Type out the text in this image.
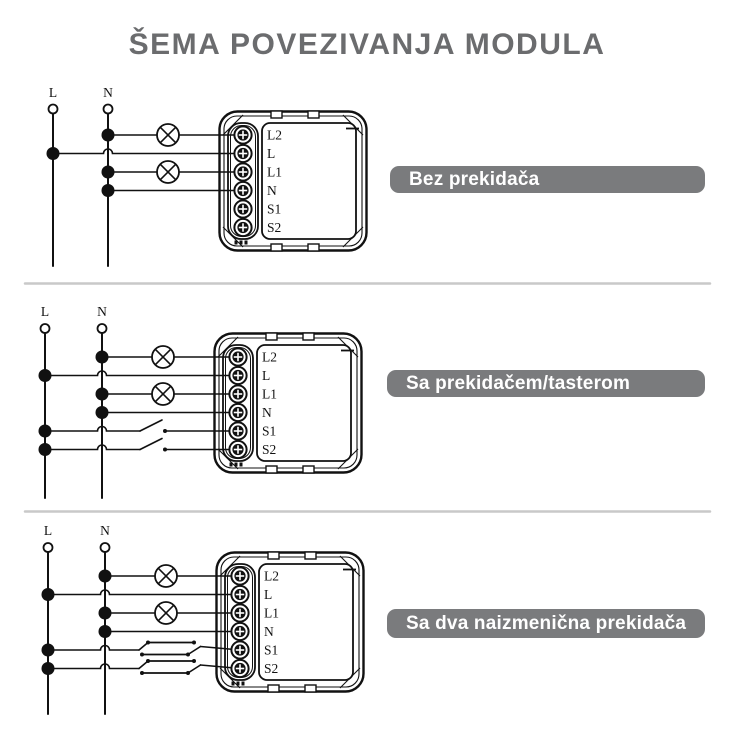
ŠEMA POVEZIVANJA MODULA
L	N
L2
L
L1
N
S1
S2
L	N
L2
L
L1
N
S1
S2
L	N
L2
L
L1
N
S1
S2
Bez prekidača
Sa prekidačem/tasterom
Sa dva naizmenična prekidača
